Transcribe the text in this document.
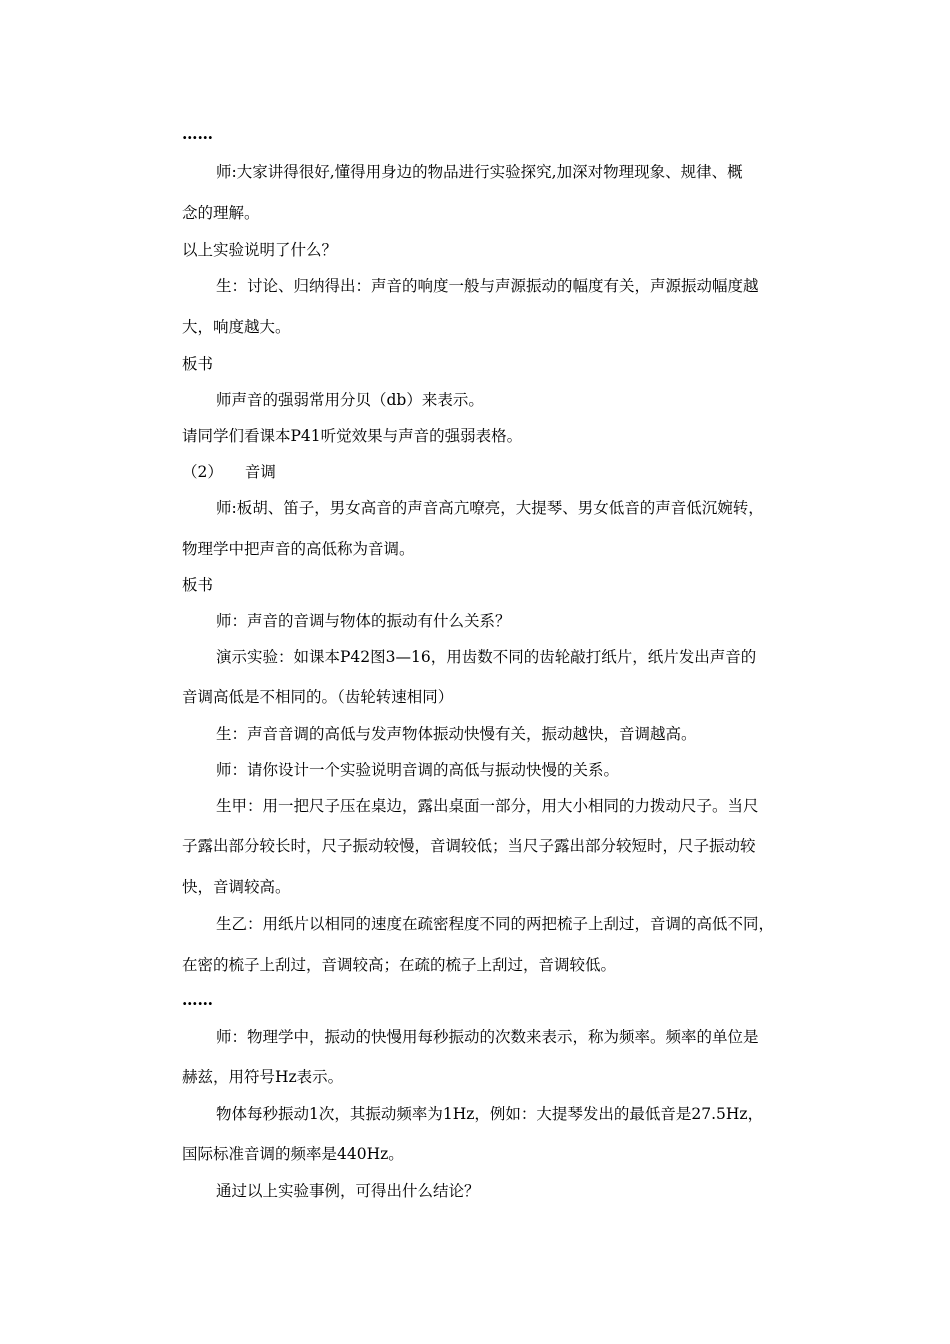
……
师:大家讲得很好,懂得用身边的物品进行实验探究,加深对物理现象、规律、概
念的理解。
以上实验说明了什么？
生：讨论、归纳得出：声音的响度一般与声源振动的幅度有关，声源振动幅度越
大，响度越大。
板书
师声音的强弱常用分贝（db）来表示。
请同学们看课本P41听觉效果与声音的强弱表格。
（2） 音调
师:板胡、笛子，男女高音的声音高亢嘹亮，大提琴、男女低音的声音低沉婉转，
物理学中把声音的高低称为音调。
板书
师：声音的音调与物体的振动有什么关系？
演示实验：如课本P42图3—16，用齿数不同的齿轮敲打纸片，纸片发出声音的
音调高低是不相同的。（齿轮转速相同）
生：声音音调的高低与发声物体振动快慢有关，振动越快，音调越高。
师：请你设计一个实验说明音调的高低与振动快慢的关系。
生甲：用一把尺子压在桌边，露出桌面一部分，用大小相同的力拨动尺子。当尺
子露出部分较长时，尺子振动较慢，音调较低；当尺子露出部分较短时，尺子振动较
快，音调较高。
生乙：用纸片以相同的速度在疏密程度不同的两把梳子上刮过，音调的高低不同，
在密的梳子上刮过，音调较高；在疏的梳子上刮过，音调较低。
……
师：物理学中，振动的快慢用每秒振动的次数来表示，称为频率。频率的单位是
赫兹，用符号Hz表示。
物体每秒振动1次，其振动频率为1Hz，例如：大提琴发出的最低音是27.5Hz，
国际标准音调的频率是440Hz。
通过以上实验事例，可得出什么结论？
